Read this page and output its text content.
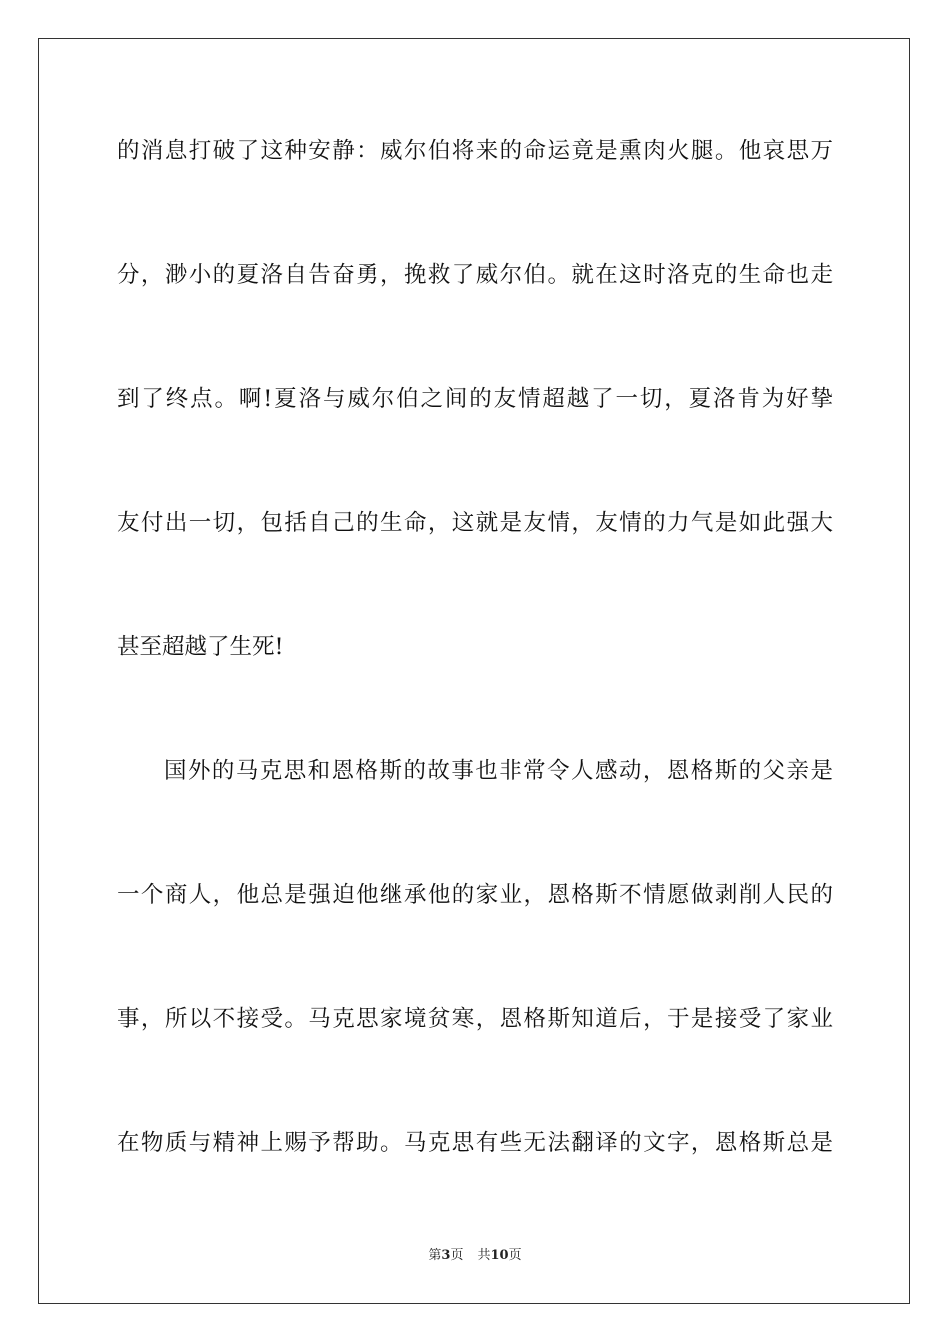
的消息打破了这种安静：威尔伯将来的命运竟是熏肉火腿。他哀思万
分，渺小的夏洛自告奋勇，挽救了威尔伯。就在这时洛克的生命也走
到了终点。啊!夏洛与威尔伯之间的友情超越了一切，夏洛肯为好挚
友付出一切，包括自己的生命，这就是友情，友情的力气是如此强大
甚至超越了生死!
国外的马克思和恩格斯的故事也非常令人感动，恩格斯的父亲是
一个商人，他总是强迫他继承他的家业，恩格斯不情愿做剥削人民的
事，所以不接受。马克思家境贫寒，恩格斯知道后，于是接受了家业
在物质与精神上赐予帮助。马克思有些无法翻译的文字，恩格斯总是
第3页 共10页
